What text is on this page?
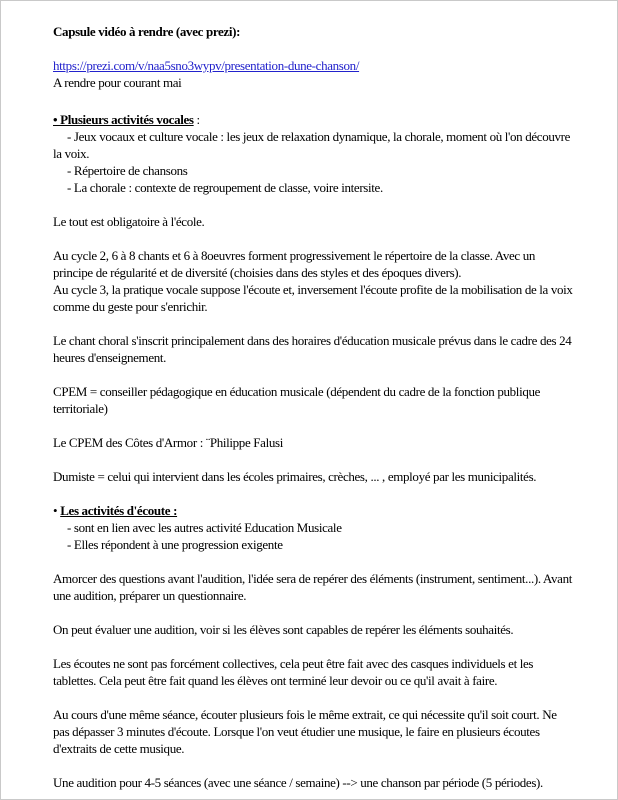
Capsule vidéo à rendre (avec prezi):

https://prezi.com/v/naa5sno3wypv/presentation-dune-chanson/

A rendre pour courant mai

• Plusieurs activités vocales :

- Jeux vocaux et culture vocale : les jeux de relaxation dynamique, la chorale, moment où l'on découvre la voix.

- Répertoire de chansons

- La chorale : contexte de regroupement de classe, voire intersite.

Le tout est obligatoire à l'école.

Au cycle 2, 6 à 8 chants et 6 à 8oeuvres forment progressivement le répertoire de la classe. Avec un principe de régularité et de diversité (choisies dans des styles et des époques divers).

Au cycle 3, la pratique vocale suppose l'écoute et, inversement l'écoute profite de la mobilisation de la voix comme du geste pour s'enrichir.

Le chant choral s'inscrit principalement dans des horaires d'éducation musicale prévus dans le cadre des 24 heures d'enseignement.

CPEM = conseiller pédagogique en éducation musicale (dépendent du cadre de la fonction publique territoriale)

Le CPEM des Côtes d'Armor : ¨Philippe Falusi

Dumiste = celui qui intervient dans les écoles primaires, crèches, ... , employé par les municipalités.

• Les activités d'écoute :

- sont en lien avec les autres activité Education Musicale

- Elles répondent à une progression exigente

Amorcer des questions avant l'audition, l'idée sera de repérer des éléments (instrument, sentiment...). Avant une audition, préparer un questionnaire.

On peut évaluer une audition, voir si les élèves sont capables de repérer les éléments souhaités.

Les écoutes ne sont pas forcément collectives, cela peut être fait avec des casques individuels et les tablettes. Cela peut être fait quand les élèves ont terminé leur devoir ou ce qu'il avait à faire.

Au cours d'une même séance, écouter plusieurs fois le même extrait, ce qui nécessite qu'il soit court. Ne pas dépasser 3 minutes d'écoute. Lorsque l'on veut étudier une musique, le faire en plusieurs écoutes d'extraits de cette musique.

Une audition pour 4-5 séances (avec une séance / semaine) --> une chanson par période (5 périodes).
